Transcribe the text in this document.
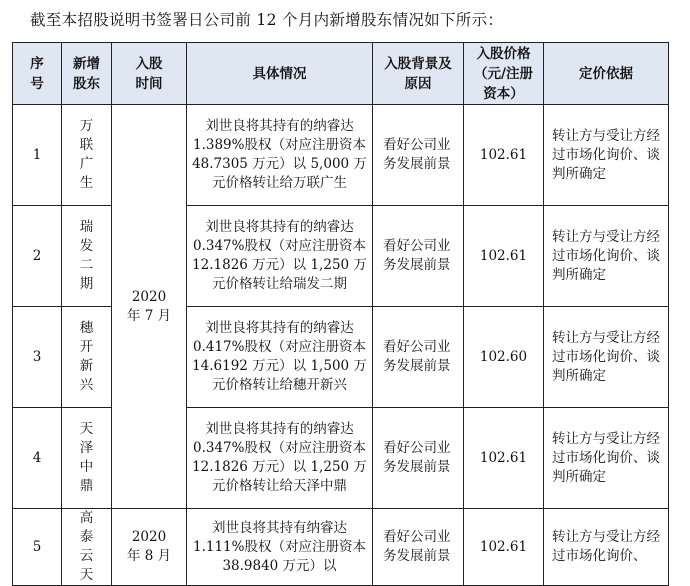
截至本招股说明书签署日公司前 12 个月内新增股东情况如下所示：
序号	新增股东	入股时间	具体情况	入股背景及原因	入股价格（元/注册资本）	定价依据
1	万联广生	2020 年 7 月	刘世良将其持有的纳睿达 1.389%股权（对应注册资本 48.7305 万元）以 5,000 万元价格转让给万联广生	看好公司业务发展前景	102.61	转让方与受让方经过市场化询价、谈判所确定
2	瑞发二期		刘世良将其持有的纳睿达 0.347%股权（对应注册资本 12.1826 万元）以 1,250 万元价格转让给瑞发二期	看好公司业务发展前景	102.61	转让方与受让方经过市场化询价、谈判所确定
3	穗开新兴		刘世良将其持有的纳睿达 0.417%股权（对应注册资本 14.6192 万元）以 1,500 万元价格转让给穗开新兴	看好公司业务发展前景	102.60	转让方与受让方经过市场化询价、谈判所确定
4	天泽中鼎		刘世良将其持有的纳睿达 0.347%股权（对应注册资本 12.1826 万元）以 1,250 万元价格转让给天泽中鼎	看好公司业务发展前景	102.61	转让方与受让方经过市场化询价、谈判所确定
5	高泰云天	2020 年 8 月	刘世良将其持有纳睿达 1.111%股权（对应注册资本 38.9840 万元）以	看好公司业务发展前景	102.61	转让方与受让方经过市场化询价、
